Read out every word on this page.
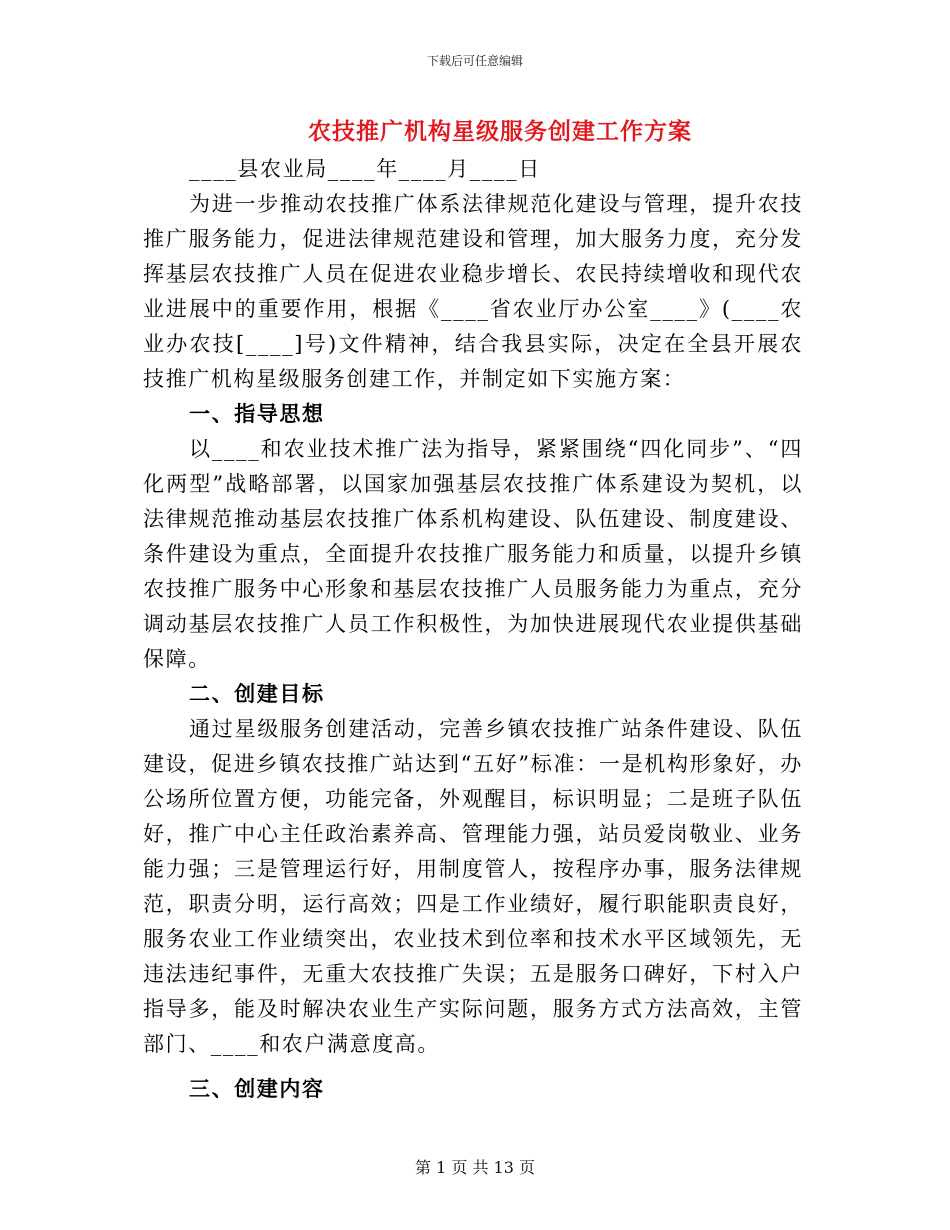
下载后可任意编辑
农技推广机构星级服务创建工作方案

____县农业局____年____月____日

为进一步推动农技推广体系法律规范化建设与管理，提升农技推广服务能力，促进法律规范建设和管理，加大服务力度，充分发挥基层农技推广人员在促进农业稳步增长、农民持续增收和现代农业进展中的重要作用，根据《____省农业厅办公室____》(____农业办农技[____]号)文件精神，结合我县实际，决定在全县开展农技推广机构星级服务创建工作，并制定如下实施方案：

一、指导思想

以____和农业技术推广法为指导，紧紧围绕“四化同步”、“四化两型”战略部署，以国家加强基层农技推广体系建设为契机，以法律规范推动基层农技推广体系机构建设、队伍建设、制度建设、条件建设为重点，全面提升农技推广服务能力和质量，以提升乡镇农技推广服务中心形象和基层农技推广人员服务能力为重点，充分调动基层农技推广人员工作积极性，为加快进展现代农业提供基础保障。

二、创建目标

通过星级服务创建活动，完善乡镇农技推广站条件建设、队伍建设，促进乡镇农技推广站达到“五好”标准：一是机构形象好，办公场所位置方便，功能完备，外观醒目，标识明显；二是班子队伍好，推广中心主任政治素养高、管理能力强，站员爱岗敬业、业务能力强；三是管理运行好，用制度管人，按程序办事，服务法律规范，职责分明，运行高效；四是工作业绩好，履行职能职责良好，服务农业工作业绩突出，农业技术到位率和技术水平区域领先，无违法违纪事件，无重大农技推广失误；五是服务口碑好，下村入户指导多，能及时解决农业生产实际问题，服务方式方法高效，主管部门、____和农户满意度高。

三、创建内容

第 1 页 共 13 页
